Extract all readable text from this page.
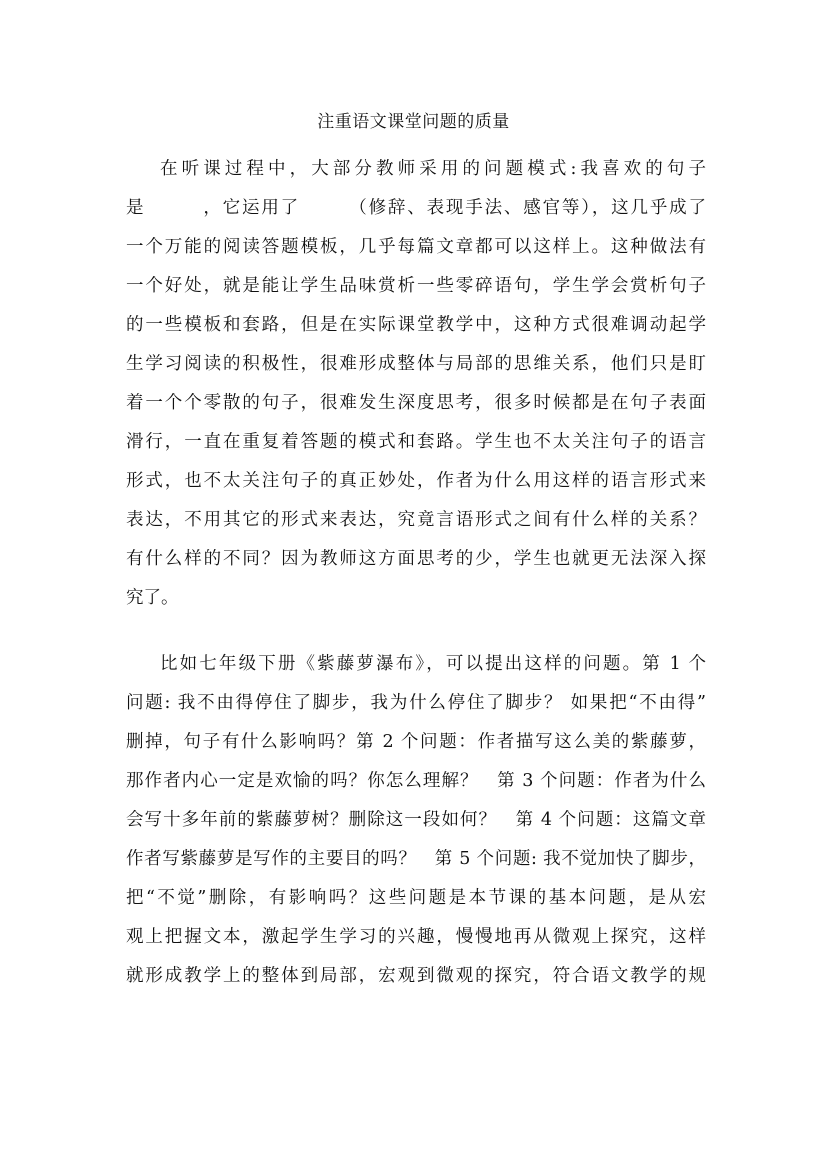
注重语文课堂问题的质量
在听课过程中，大部分教师采用的问题模式:我喜欢的句子
是　　　，它运用了　　　（修辞、表现手法、感官等），这几乎成了
一个万能的阅读答题模板，几乎每篇文章都可以这样上。这种做法有
一个好处，就是能让学生品味赏析一些零碎语句，学生学会赏析句子
的一些模板和套路，但是在实际课堂教学中，这种方式很难调动起学
生学习阅读的积极性，很难形成整体与局部的思维关系，他们只是盯
着一个个零散的句子，很难发生深度思考，很多时候都是在句子表面
滑行，一直在重复着答题的模式和套路。学生也不太关注句子的语言
形式，也不太关注句子的真正妙处，作者为什么用这样的语言形式来
表达，不用其它的形式来表达，究竟言语形式之间有什么样的关系？
有什么样的不同？因为教师这方面思考的少，学生也就更无法深入探
究了。
比如七年级下册《紫藤萝瀑布》，可以提出这样的问题。第 1 个
问题: 我不由得停住了脚步，我为什么停住了脚步？ 如果把“不由得”
删掉，句子有什么影响吗？第 2 个问题：作者描写这么美的紫藤萝，
那作者内心一定是欢愉的吗？你怎么理解？　第 3 个问题：作者为什么
会写十多年前的紫藤萝树？删除这一段如何？　第 4 个问题：这篇文章
作者写紫藤萝是写作的主要目的吗？　第 5 个问题: 我不觉加快了脚步，
把“不觉”删除，有影响吗？这些问题是本节课的基本问题，是从宏
观上把握文本，激起学生学习的兴趣，慢慢地再从微观上探究，这样
就形成教学上的整体到局部，宏观到微观的探究，符合语文教学的规
